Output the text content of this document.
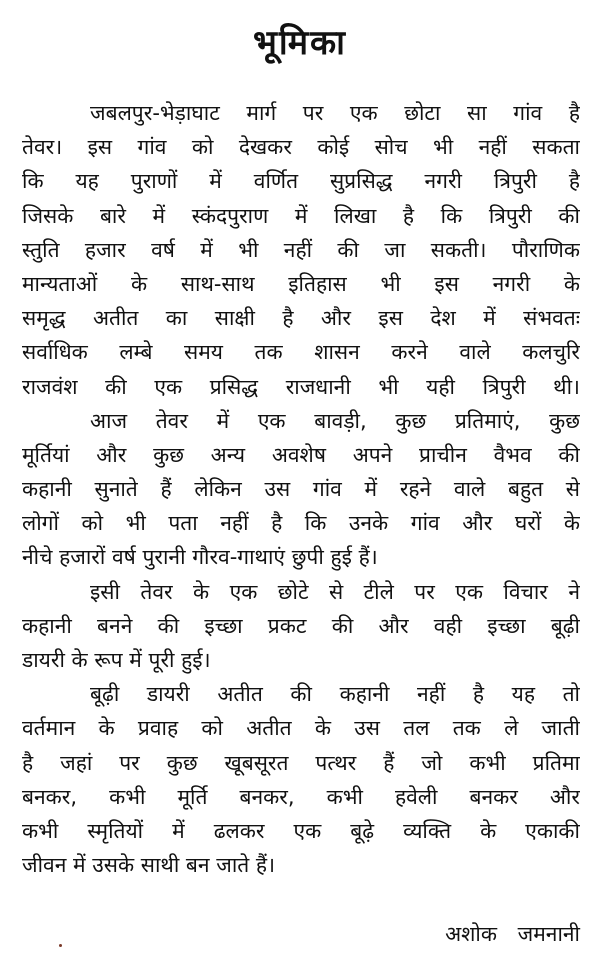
भूमिका
जबलपुर-भेड़ाघाट मार्ग पर एक छोटा सा गांव है
तेवर। इस गांव को देखकर कोई सोच भी नहीं सकता
कि यह पुराणों में वर्णित सुप्रसिद्ध नगरी त्रिपुरी है
जिसके बारे में स्कंदपुराण में लिखा है कि त्रिपुरी की
स्तुति हजार वर्ष में भी नहीं की जा सकती। पौराणिक
मान्यताओं के साथ-साथ इतिहास भी इस नगरी के
समृद्ध अतीत का साक्षी है और इस देश में संभवतः
सर्वाधिक लम्बे समय तक शासन करने वाले कलचुरि
राजवंश की एक प्रसिद्ध राजधानी भी यही त्रिपुरी थी।
आज तेवर में एक बावड़ी, कुछ प्रतिमाएं, कुछ
मूर्तियां और कुछ अन्य अवशेष अपने प्राचीन वैभव की
कहानी सुनाते हैं लेकिन उस गांव में रहने वाले बहुत से
लोगों को भी पता नहीं है कि उनके गांव और घरों के
नीचे हजारों वर्ष पुरानी गौरव-गाथाएं छुपी हुई हैं।
इसी तेवर के एक छोटे से टीले पर एक विचार ने
कहानी बनने की इच्छा प्रकट की और वही इच्छा बूढ़ी
डायरी के रूप में पूरी हुई।
बूढ़ी डायरी अतीत की कहानी नहीं है यह तो
वर्तमान के प्रवाह को अतीत के उस तल तक ले जाती
है जहां पर कुछ खूबसूरत पत्थर हैं जो कभी प्रतिमा
बनकर, कभी मूर्ति बनकर, कभी हवेली बनकर और
कभी स्मृतियों में ढलकर एक बूढ़े व्यक्ति के एकाकी
जीवन में उसके साथी बन जाते हैं।
अशोक जमनानी
